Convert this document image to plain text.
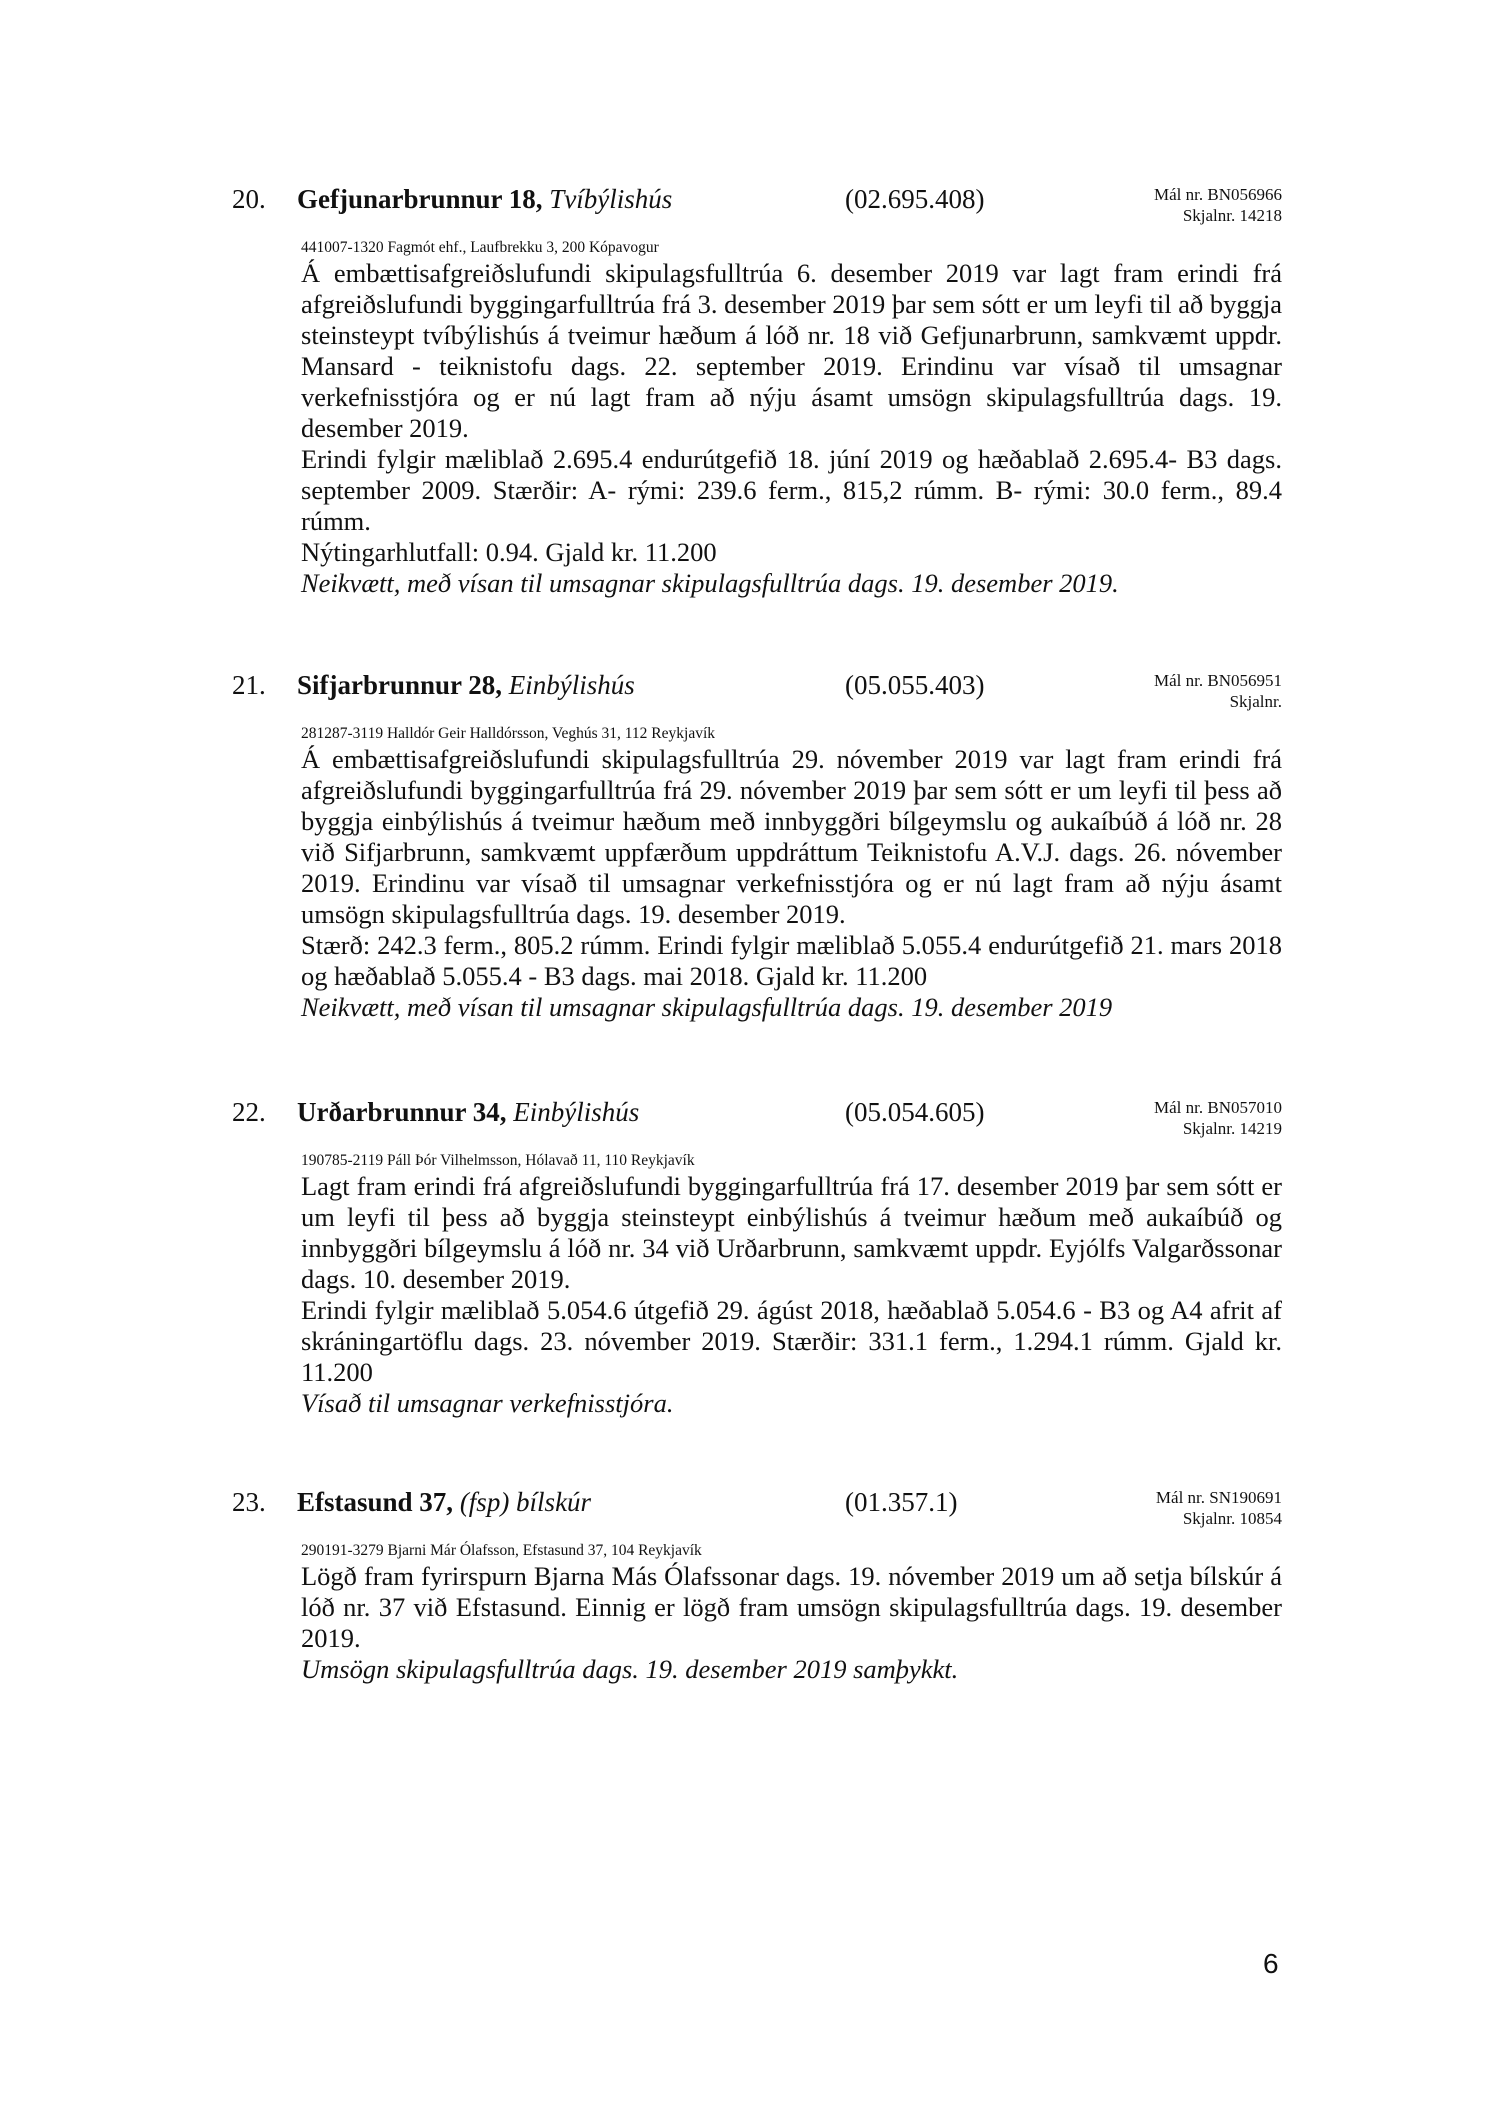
20. Gefjunarbrunnur 18, Tvíbýlishús	(02.695.408)	Mál nr. BN056966
Skjalnr. 14218
441007-1320 Fagmót ehf., Laufbrekku 3, 200 Kópavogur
Á embættisafgreiðslufundi skipulagsfulltrúa 6. desember 2019 var lagt fram erindi frá afgreiðslufundi byggingarfulltrúa frá 3. desember 2019 þar sem sótt er um leyfi til að byggja steinsteypt tvíbýlishús á tveimur hæðum á lóð nr. 18 við Gefjunarbrunn, samkvæmt uppdr. Mansard - teiknistofu dags. 22. september 2019. Erindinu var vísað til umsagnar verkefnisstjóra og er nú lagt fram að nýju ásamt umsögn skipulagsfulltrúa dags. 19. desember 2019.
Erindi fylgir mæliblað 2.695.4 endurútgefið 18. júní 2019 og hæðablað 2.695.4- B3 dags. september 2009. Stærðir: A- rými: 239.6 ferm., 815,2 rúmm. B- rými: 30.0 ferm., 89.4 rúmm.
Nýtingarhlutfall: 0.94. Gjald kr. 11.200
Neikvætt, með vísan til umsagnar skipulagsfulltrúa dags. 19. desember 2019.
21. Sifjarbrunnur 28, Einbýlishús	(05.055.403)	Mál nr. BN056951
Skjalnr.
281287-3119 Halldór Geir Halldórsson, Veghús 31, 112 Reykjavík
Á embættisafgreiðslufundi skipulagsfulltrúa 29. nóvember 2019 var lagt fram erindi frá afgreiðslufundi byggingarfulltrúa frá 29. nóvember 2019 þar sem sótt er um leyfi til þess að byggja einbýlishús á tveimur hæðum með innbyggðri bílgeymslu og aukaíbúð á lóð nr. 28 við Sifjarbrunn, samkvæmt uppfærðum uppdráttum Teiknistofu A.V.J. dags. 26. nóvember 2019. Erindinu var vísað til umsagnar verkefnisstjóra og er nú lagt fram að nýju ásamt umsögn skipulagsfulltrúa dags. 19. desember 2019.
Stærð: 242.3 ferm., 805.2 rúmm. Erindi fylgir mæliblað 5.055.4 endurútgefið 21. mars 2018 og hæðablað 5.055.4 - B3 dags. mai 2018. Gjald kr. 11.200
Neikvætt, með vísan til umsagnar skipulagsfulltrúa dags. 19. desember 2019
22. Urðarbrunnur 34, Einbýlishús	(05.054.605)	Mál nr. BN057010
Skjalnr. 14219
190785-2119 Páll Þór Vilhelmsson, Hólavað 11, 110 Reykjavík
Lagt fram erindi frá afgreiðslufundi byggingarfulltrúa frá 17. desember 2019 þar sem sótt er um leyfi til þess að byggja steinsteypt einbýlishús á tveimur hæðum með aukaíbúð og innbyggðri bílgeymslu á lóð nr. 34 við Urðarbrunn, samkvæmt uppdr. Eyjólfs Valgarðssonar dags. 10. desember 2019.
Erindi fylgir mæliblað 5.054.6 útgefið 29. ágúst 2018, hæðablað 5.054.6 - B3 og A4 afrit af skráningartöflu dags. 23. nóvember 2019. Stærðir: 331.1 ferm., 1.294.1 rúmm. Gjald kr. 11.200
Vísað til umsagnar verkefnisstjóra.
23. Efstasund 37, (fsp) bílskúr	(01.357.1)	Mál nr. SN190691
Skjalnr. 10854
290191-3279 Bjarni Már Ólafsson, Efstasund 37, 104 Reykjavík
Lögð fram fyrirspurn Bjarna Más Ólafssonar dags. 19. nóvember 2019 um að setja bílskúr á lóð nr. 37 við Efstasund. Einnig er lögð fram umsögn skipulagsfulltrúa dags. 19. desember 2019.
Umsögn skipulagsfulltrúa dags. 19. desember 2019 samþykkt.
6
